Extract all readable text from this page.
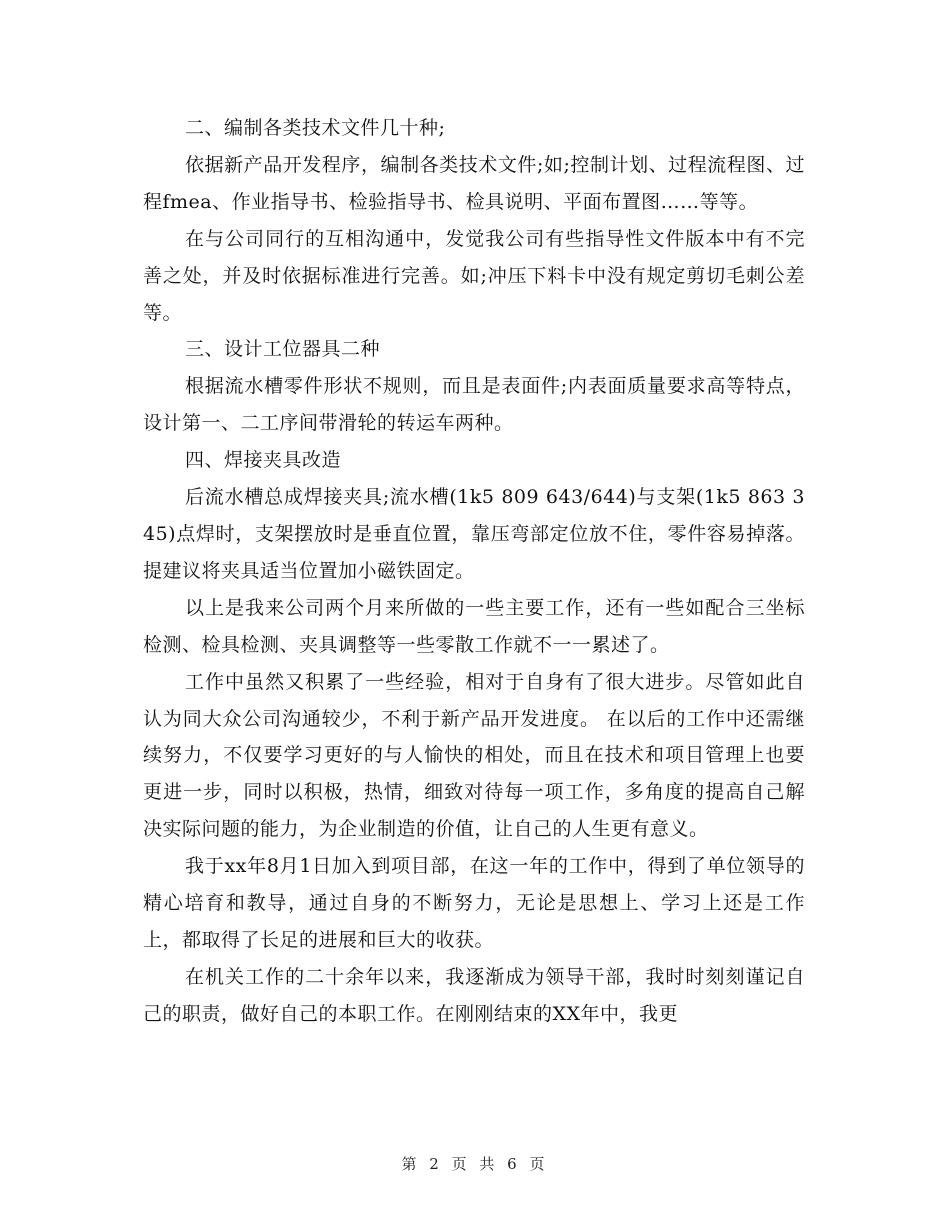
二、编制各类技术文件几十种;

依据新产品开发程序，编制各类技术文件;如;控制计划、过程流程图、过程fmea、作业指导书、检验指导书、检具说明、平面布置图……等等。

在与公司同行的互相沟通中，发觉我公司有些指导性文件版本中有不完善之处，并及时依据标准进行完善。如;冲压下料卡中没有规定剪切毛刺公差等。

三、设计工位器具二种

根据流水槽零件形状不规则，而且是表面件;内表面质量要求高等特点，设计第一、二工序间带滑轮的转运车两种。

四、焊接夹具改造

后流水槽总成焊接夹具;流水槽(1k5 809 643/644)与支架(1k5 863 345)点焊时，支架摆放时是垂直位置，靠压弯部定位放不住，零件容易掉落。提建议将夹具适当位置加小磁铁固定。

以上是我来公司两个月来所做的一些主要工作，还有一些如配合三坐标检测、检具检测、夹具调整等一些零散工作就不一一累述了。

工作中虽然又积累了一些经验，相对于自身有了很大进步。尽管如此自认为同大众公司沟通较少，不利于新产品开发进度。 在以后的工作中还需继续努力，不仅要学习更好的与人愉快的相处，而且在技术和项目管理上也要更进一步，同时以积极，热情，细致对待每一项工作，多角度的提高自己解决实际问题的能力，为企业制造的价值，让自己的人生更有意义。

我于xx年8月1日加入到项目部，在这一年的工作中，得到了单位领导的精心培育和教导，通过自身的不断努力，无论是思想上、学习上还是工作上，都取得了长足的进展和巨大的收获。

在机关工作的二十余年以来，我逐渐成为领导干部，我时时刻刻谨记自己的职责，做好自己的本职工作。在刚刚结束的XX年中，我更

第 2 页 共 6 页
